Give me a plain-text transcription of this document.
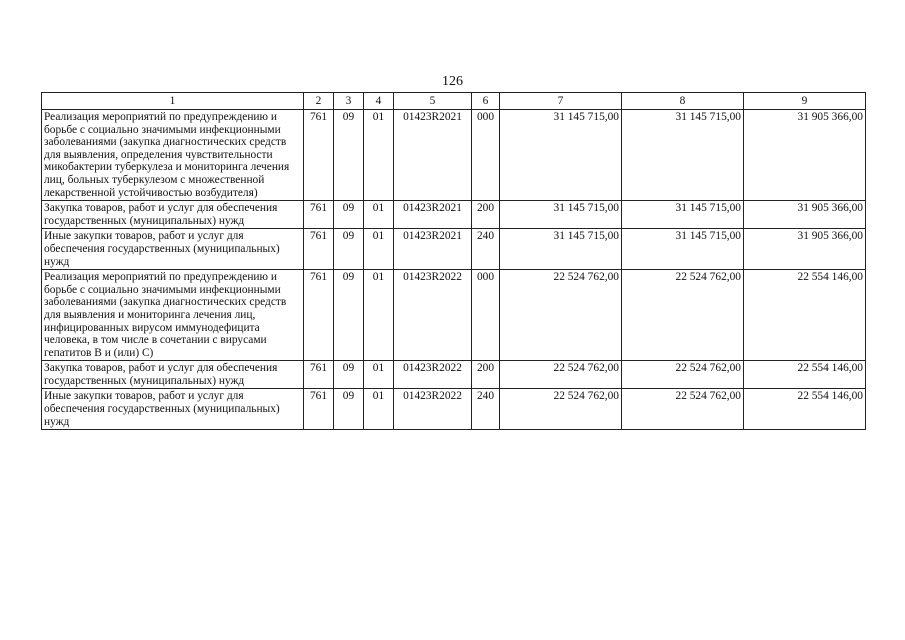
126
1	2	3	4	5	6	7	8	9
Реализация мероприятий по предупреждению и борьбе с социально значимыми инфекционными заболеваниями (закупка диагностических средств для выявления, определения чувствительности микобактерии туберкулеза и мониторинга лечения лиц, больных туберкулезом с множественной лекарственной устойчивостью возбудителя)	761	09	01	01423R2021	000	31 145 715,00	31 145 715,00	31 905 366,00
Закупка товаров, работ и услуг для обеспечения государственных (муниципальных) нужд	761	09	01	01423R2021	200	31 145 715,00	31 145 715,00	31 905 366,00
Иные закупки товаров, работ и услуг для обеспечения государственных (муниципальных) нужд	761	09	01	01423R2021	240	31 145 715,00	31 145 715,00	31 905 366,00
Реализация мероприятий по предупреждению и борьбе с социально значимыми инфекционными заболеваниями (закупка диагностических средств для выявления и мониторинга лечения лиц, инфицированных вирусом иммунодефицита человека, в том числе в сочетании с вирусами гепатитов В и (или) С)	761	09	01	01423R2022	000	22 524 762,00	22 524 762,00	22 554 146,00
Закупка товаров, работ и услуг для обеспечения государственных (муниципальных) нужд	761	09	01	01423R2022	200	22 524 762,00	22 524 762,00	22 554 146,00
Иные закупки товаров, работ и услуг для обеспечения государственных (муниципальных) нужд	761	09	01	01423R2022	240	22 524 762,00	22 524 762,00	22 554 146,00
